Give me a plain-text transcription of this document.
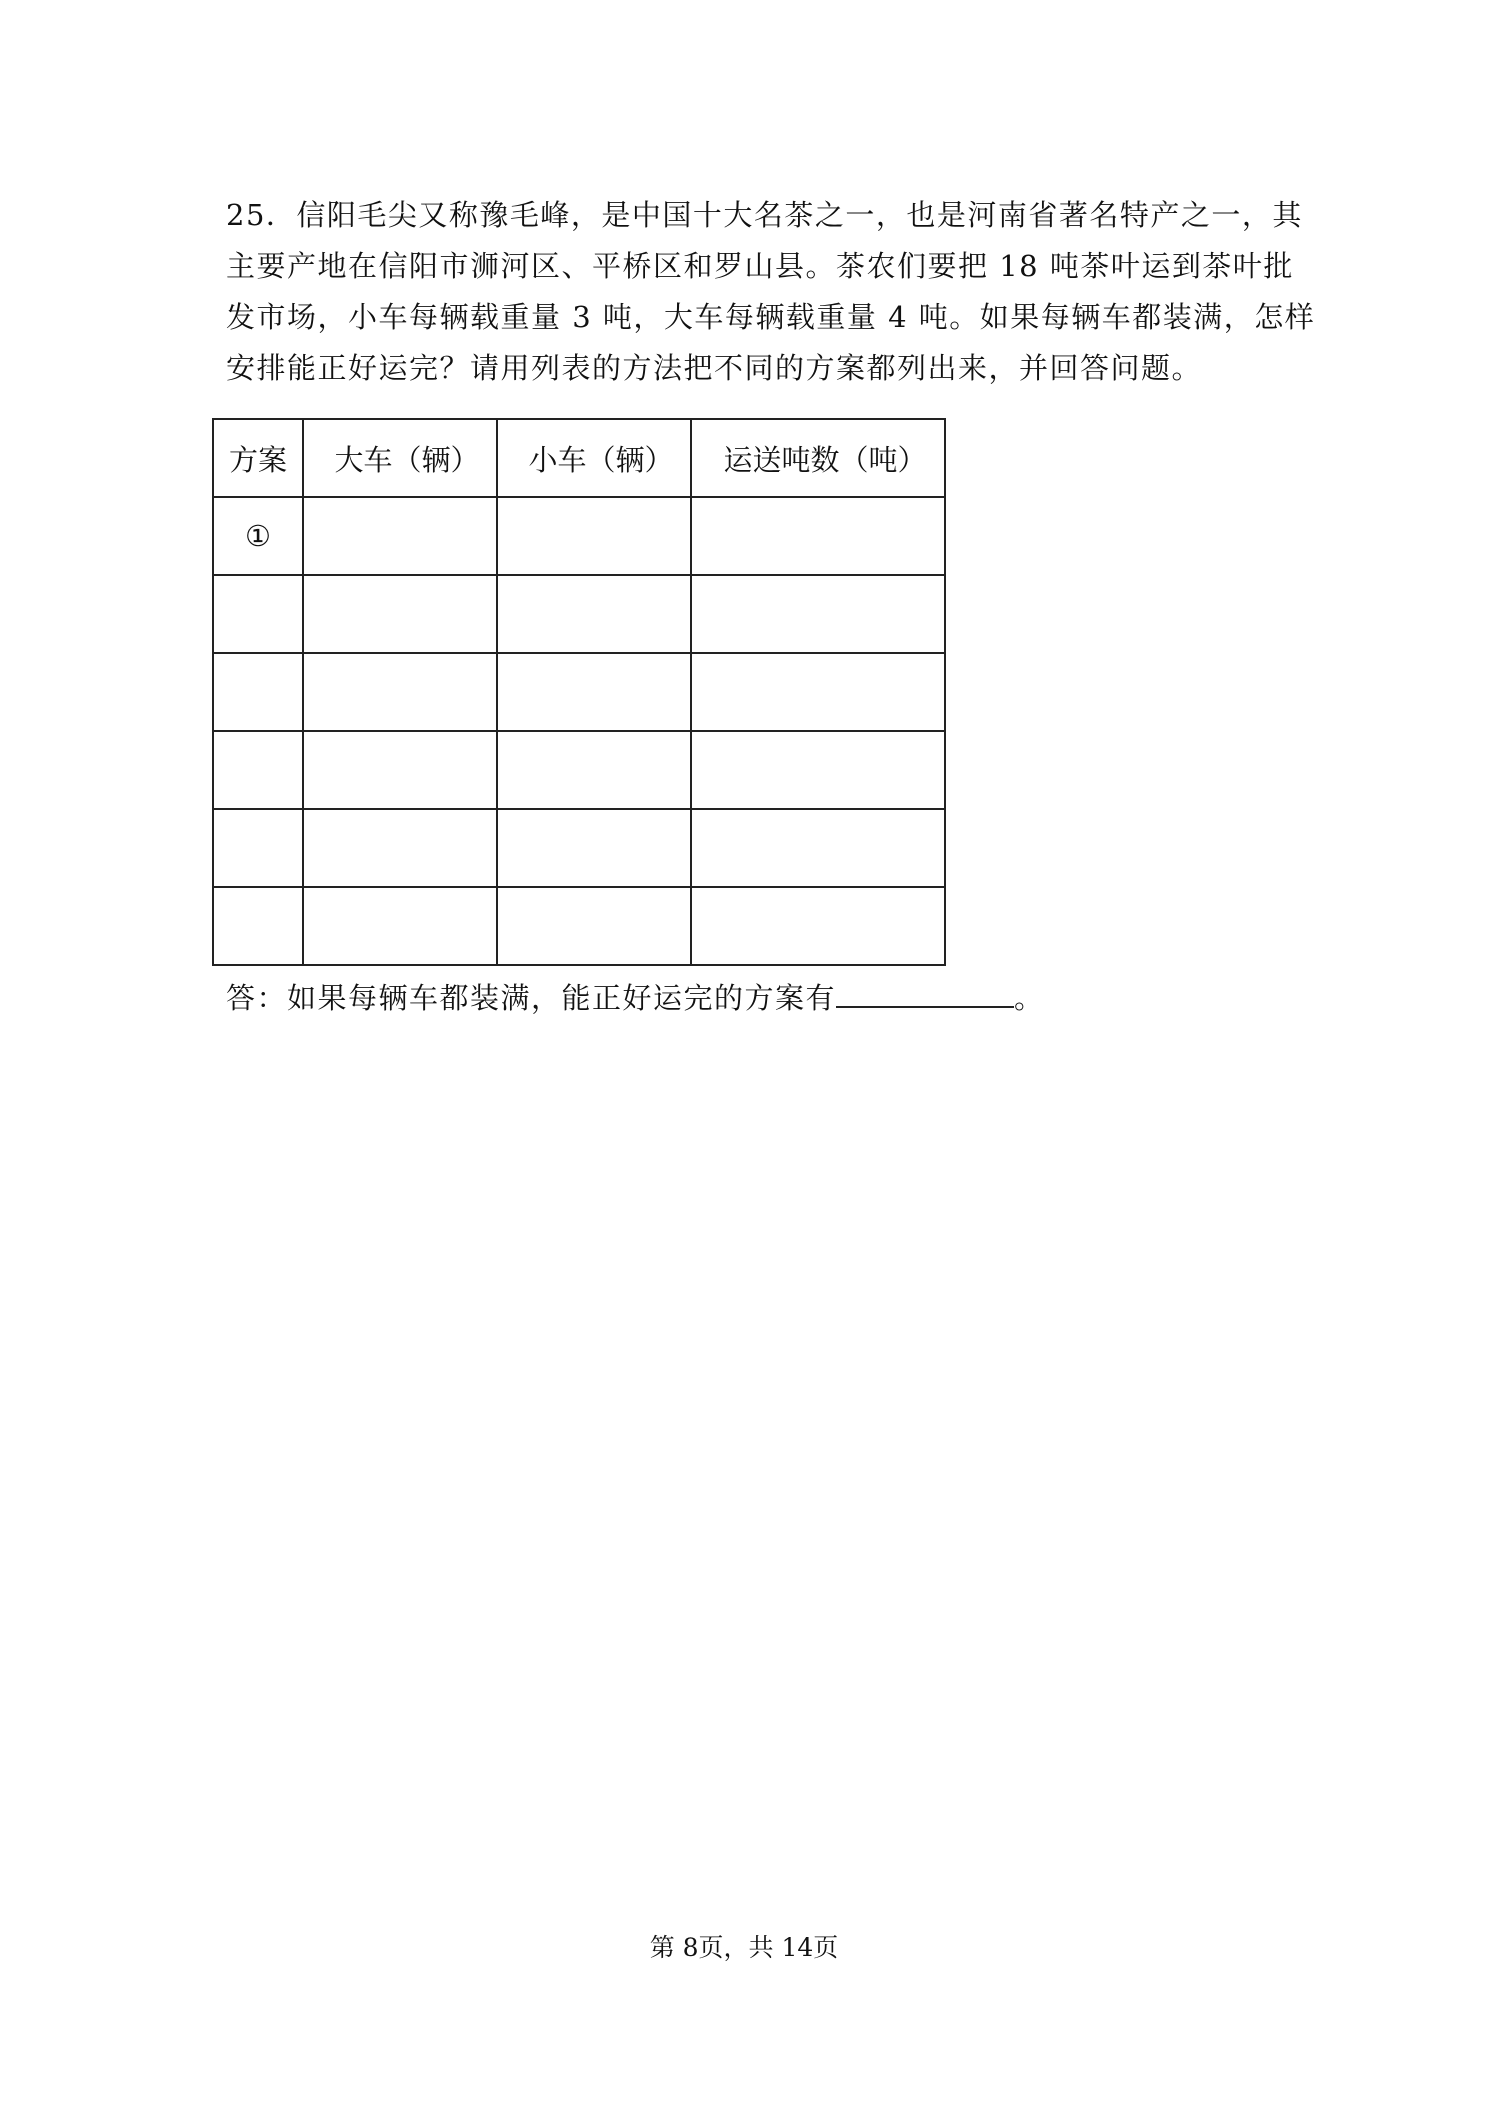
25．信阳毛尖又称豫毛峰，是中国十大名茶之一，也是河南省著名特产之一，其
主要产地在信阳市浉河区、平桥区和罗山县。茶农们要把 18 吨茶叶运到茶叶批
发市场，小车每辆载重量 3 吨，大车每辆载重量 4 吨。如果每辆车都装满，怎样
安排能正好运完？请用列表的方法把不同的方案都列出来，并回答问题。
方案	大车（辆）	小车（辆）	运送吨数（吨）
①			

答：如果每辆车都装满，能正好运完的方案有	。

第 8页，共 14页
